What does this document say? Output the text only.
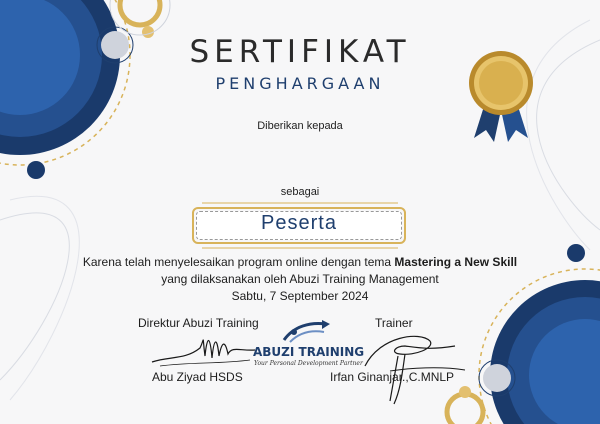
SERTIFIKAT
PENGHARGAAN
Diberikan kepada
sebagai
Peserta
Karena telah menyelesaikan program online dengan tema Mastering a New Skill yang dilaksanakan oleh Abuzi Training Management
Sabtu, 7 September 2024
Direktur Abuzi Training	Trainer
ABUZI TRAINING
Your Personal Development Partner
Abu Ziyad HSDS	Irfan Ginanjar.,C.MNLP
